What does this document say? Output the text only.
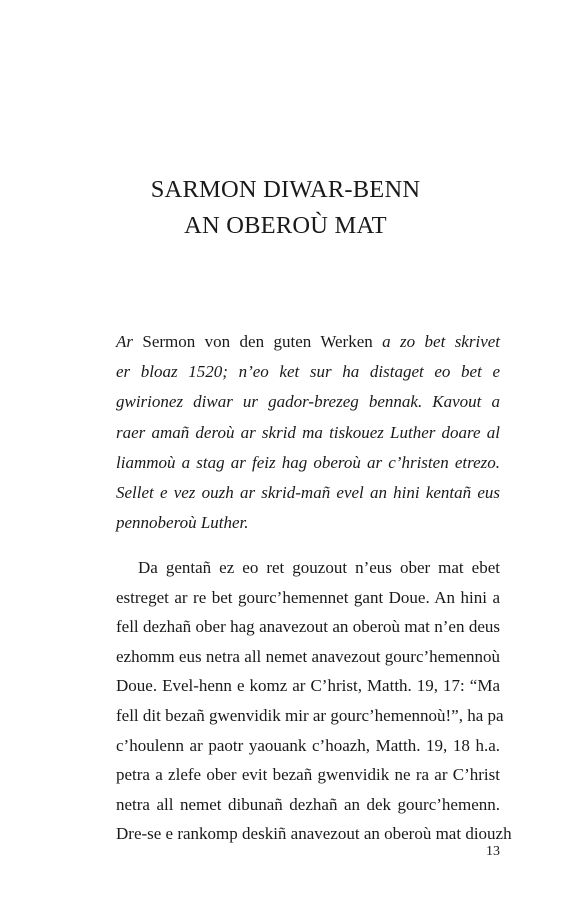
SARMON DIWAR-BENN
AN OBEROÙ MAT
Ar Sermon von den guten Werken a zo bet skrivet
er bloaz 1520; n’eo ket sur ha distaget eo bet e
gwirionez diwar ur gador-brezeg bennak. Kavout a
raer amañ deroù ar skrid ma tiskouez Luther doare al
liammoù a stag ar feiz hag oberoù ar c’hristen etrezo.
Sellet e vez ouzh ar skrid-mañ evel an hini kentañ eus
pennoberoù Luther.
Da gentañ ez eo ret gouzout n’eus ober mat ebet
estreget ar re bet gourc’hemennet gant Doue. An hini a
fell dezhañ ober hag anavezout an oberoù mat n’en deus
ezhomm eus netra all nemet anavezout gourc’hemennoù
Doue. Evel-henn e komz ar C’hrist, Matth. 19, 17: “Ma
fell dit bezañ gwenvidik mir ar gourc’hemennoù!”, ha pa
c’houlenn ar paotr yaouank c’hoazh, Matth. 19, 18 h.a.
petra a zlefe ober evit bezañ gwenvidik ne ra ar C’hrist
netra all nemet dibunañ dezhañ an dek gourc’hemenn.
Dre-se e rankomp deskiñ anavezout an oberoù mat diouzh
13
